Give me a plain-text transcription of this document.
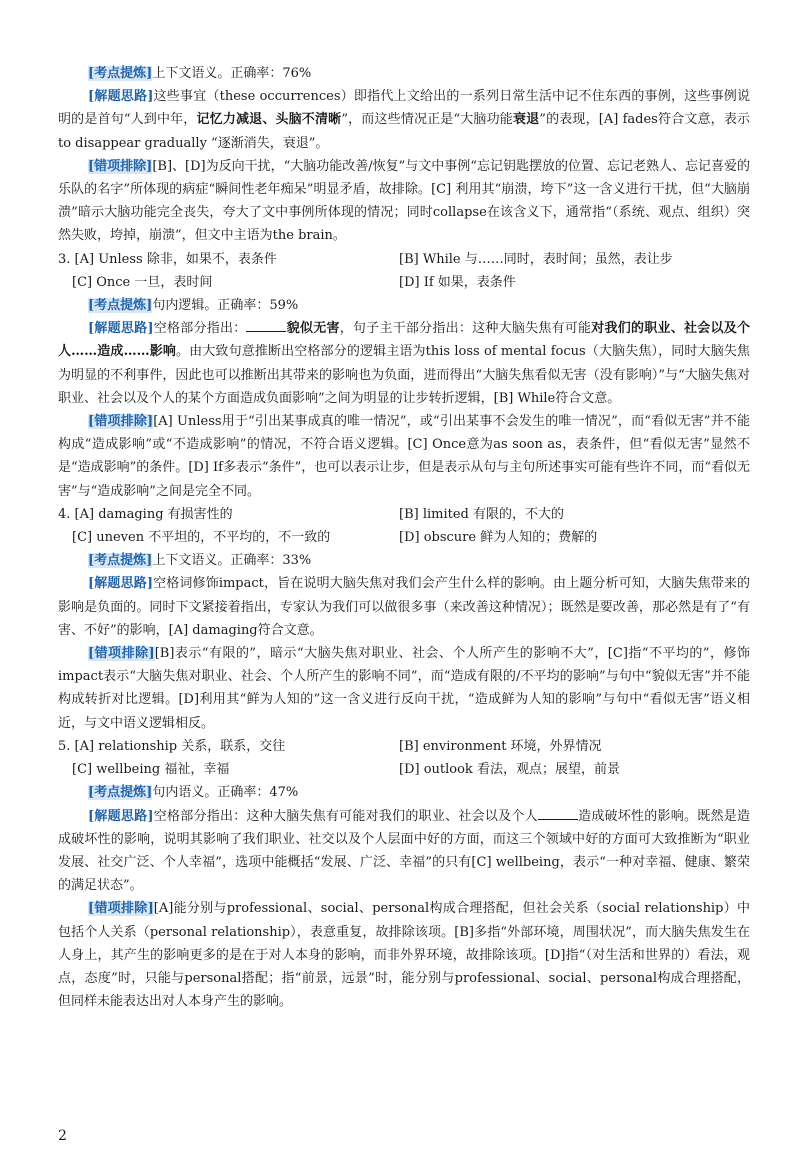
[考点提炼]上下文语义。正确率：76%

[解题思路]这些事宜（these occurrences）即指代上文给出的一系列日常生活中记不住东西的事例，这些事例说明的是首句“人到中年，记忆力减退、头脑不清晰”，而这些情况正是“大脑功能衰退”的表现，[A] fades符合文意，表示to disappear gradually “逐渐消失，衰退”。

[错项排除][B]、[D]为反向干扰，“大脑功能改善/恢复”与文中事例“忘记钥匙摆放的位置、忘记老熟人、忘记喜爱的乐队的名字”所体现的病症“瞬间性老年痴呆”明显矛盾，故排除。[C] 利用其“崩溃，垮下”这一含义进行干扰，但“大脑崩溃”暗示大脑功能完全丧失，夸大了文中事例所体现的情况；同时collapse在该含义下，通常指“（系统、观点、组织）突然失败，垮掉，崩溃”，但文中主语为the brain。

3. [A] Unless 除非，如果不，表条件	[B] While 与……同时，表时间；虽然，表让步
[C] Once 一旦，表时间	[D] If 如果，表条件

[考点提炼]句内逻辑。正确率：59%

[解题思路]空格部分指出：	貌似无害，句子主干部分指出：这种大脑失焦有可能对我们的职业、社会以及个人……造成……影响。由大致句意推断出空格部分的逻辑主语为this loss of mental focus（大脑失焦），同时大脑失焦为明显的不利事件，因此也可以推断出其带来的影响也为负面，进而得出“大脑失焦看似无害（没有影响）”与“大脑失焦对职业、社会以及个人的某个方面造成负面影响”之间为明显的让步转折逻辑，[B] While符合文意。

[错项排除][A] Unless用于“引出某事成真的唯一情况”，或“引出某事不会发生的唯一情况”，而“看似无害”并不能构成“造成影响”或“不造成影响”的情况，不符合语义逻辑。[C] Once意为as soon as，表条件，但“看似无害”显然不是“造成影响”的条件。[D] If多表示“条件”，也可以表示让步，但是表示从句与主句所述事实可能有些许不同，而“看似无害”与“造成影响”之间是完全不同。

4. [A] damaging 有损害性的	[B] limited 有限的，不大的
[C] uneven 不平坦的，不平均的，不一致的	[D] obscure 鲜为人知的；费解的

[考点提炼]上下文语义。正确率：33%

[解题思路]空格词修饰impact，旨在说明大脑失焦对我们会产生什么样的影响。由上题分析可知，大脑失焦带来的影响是负面的。同时下文紧接着指出，专家认为我们可以做很多事（来改善这种情况）；既然是要改善，那必然是有了“有害、不好”的影响，[A] damaging符合文意。

[错项排除][B]表示“有限的”，暗示“大脑失焦对职业、社会、个人所产生的影响不大”，[C]指“不平均的”，修饰impact表示“大脑失焦对职业、社会、个人所产生的影响不同”，而“造成有限的/不平均的影响”与句中“貌似无害”并不能构成转折对比逻辑。[D]利用其“鲜为人知的”这一含义进行反向干扰，“造成鲜为人知的影响”与句中“看似无害”语义相近，与文中语义逻辑相反。

5. [A] relationship 关系，联系，交往	[B] environment 环境，外界情况
[C] wellbeing 福祉，幸福	[D] outlook 看法，观点；展望，前景

[考点提炼]句内语义。正确率：47%

[解题思路]空格部分指出：这种大脑失焦有可能对我们的职业、社会以及个人	造成破坏性的影响。既然是造成破坏性的影响，说明其影响了我们职业、社交以及个人层面中好的方面，而这三个领域中好的方面可大致推断为“职业发展、社交广泛、个人幸福”，选项中能概括“发展、广泛、幸福”的只有[C] wellbeing，表示“一种对幸福、健康、繁荣的满足状态”。

[错项排除][A]能分别与professional、social、personal构成合理搭配，但社会关系（social relationship）中包括个人关系（personal relationship），表意重复，故排除该项。[B]多指“外部环境，周围状况”，而大脑失焦发生在人身上，其产生的影响更多的是在于对人本身的影响，而非外界环境，故排除该项。[D]指“（对生活和世界的）看法，观点，态度”时，只能与personal搭配；指“前景，远景”时，能分别与professional、social、personal构成合理搭配，但同样未能表达出对人本身产生的影响。

2
